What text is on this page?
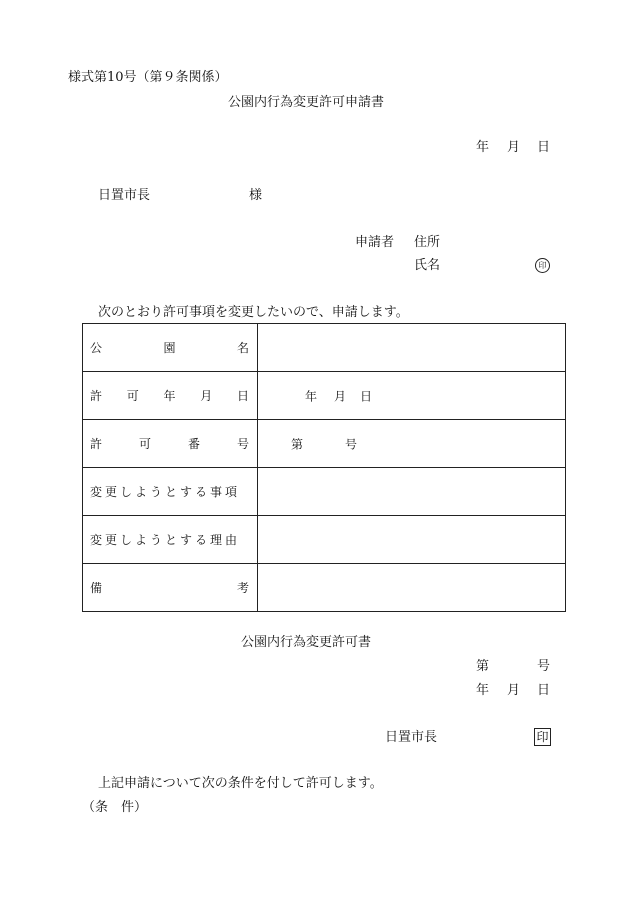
様式第10号（第９条関係）
公園内行為変更許可申請書
年 月 日
日置市長	様
申請者 住所
氏名	印
次のとおり許可事項を変更したいので、申請します。
公 園 名	

許 可 年 月 日	年 月 日

許 可 番 号	第 号

変更しようとする事項	

変更しようとする理由	

備 考	

公園内行為変更許可書
第	号
年 月 日
日置市長	印
上記申請について次の条件を付して許可します。
（条　件）
